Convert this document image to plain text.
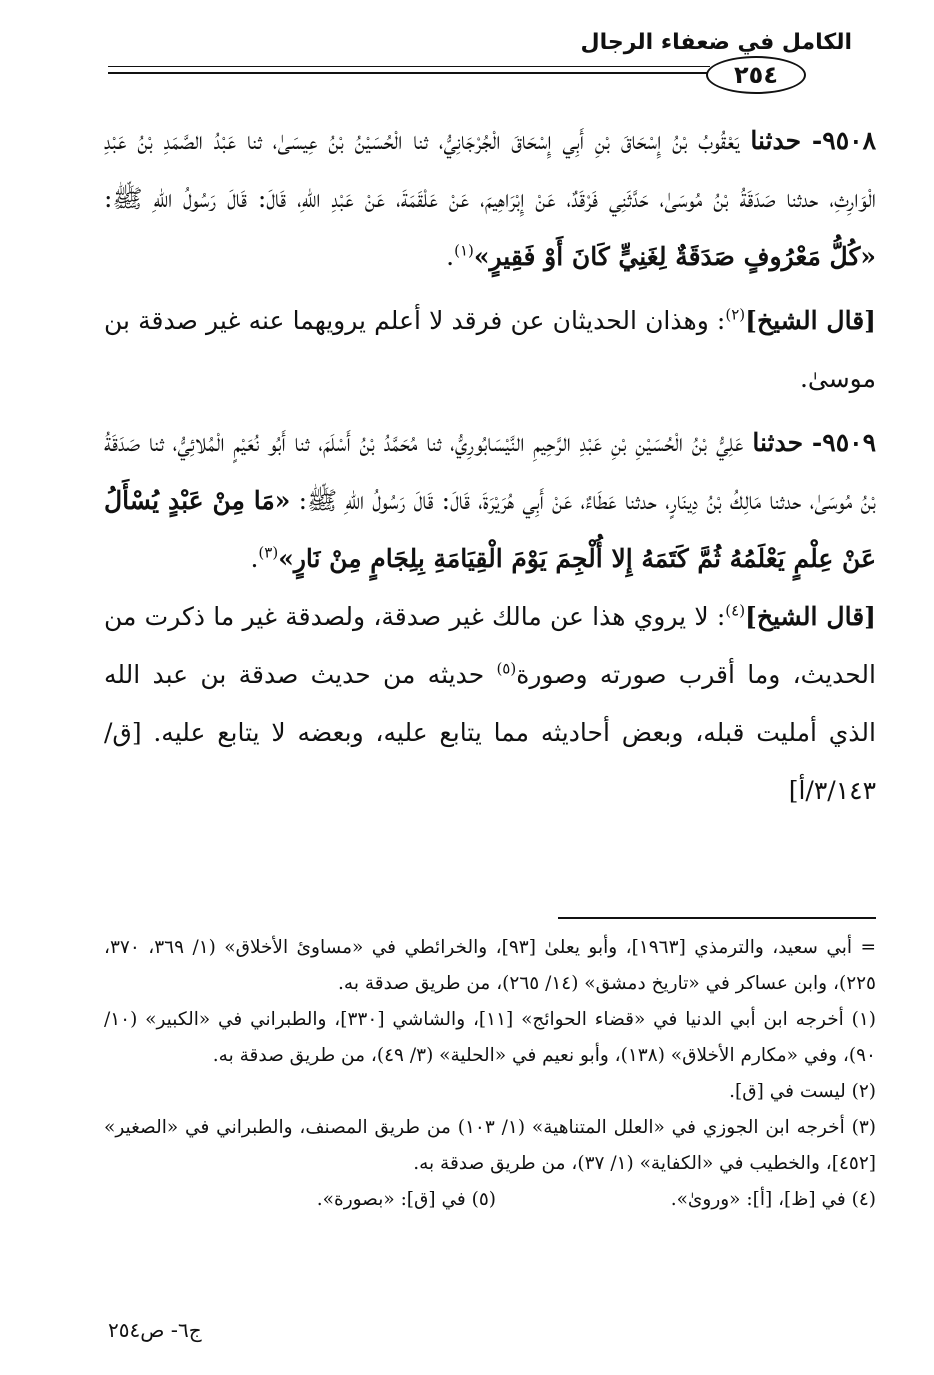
الكامل في ضعفاء الرجال
٢٥٤

٩٥٠٨- حدثنا يَعْقُوبُ بْنُ إِسْحَاقَ بْنِ أَبِي إِسْحَاقَ الْجُرْجَانِيُّ، ثنا الْحُسَيْنُ بْنُ عِيسَىٰ، ثنا عَبْدُ الصَّمَدِ بْنُ عَبْدِ الْوَارِثِ، حدثنا صَدَقَةُ بْنُ مُوسَىٰ، حَدَّثَنِي فَرْقَدٌ، عَنْ إِبْرَاهِيمَ، عَنْ عَلْقَمَةَ، عَنْ عَبْدِ اللهِ، قَالَ: قَالَ رَسُولُ اللهِ ﷺ: «كُلُّ مَعْرُوفٍ صَدَقَةٌ لِغَنِيٍّ كَانَ أَوْ فَقِيرٍ»$^{(١)}$.

[قال الشيخ]$^{(٢)}$: وهذان الحديثان عن فرقد لا أعلم يرويهما عنه غير صدقة بن موسىٰ.

٩٥٠٩- حدثنا عَلِيُّ بْنُ الْحُسَيْنِ بْنِ عَبْدِ الرَّحِيمِ النَّيْسَابُورِيُّ، ثنا مُحَمَّدُ بْنُ أَسْلَمَ، ثنا أَبُو نُعَيْمٍ الْمُلائِيُّ، ثنا صَدَقَةُ بْنُ مُوسَىٰ، حدثنا مَالِكُ بْنُ دِينَارٍ، حدثنا عَطَاءٌ، عَنْ أَبِي هُرَيْرَةَ، قَالَ: قَالَ رَسُولُ اللهِ ﷺ: «مَا مِنْ عَبْدٍ يُسْأَلُ عَنْ عِلْمٍ يَعْلَمُهُ ثُمَّ كَتَمَهُ إِلا أُلْجِمَ يَوْمَ الْقِيَامَةِ بِلِجَامٍ مِنْ نَارٍ»$^{(٣)}$.

[قال الشيخ]$^{(٤)}$: لا يروي هذا عن مالك غير صدقة، ولصدقة غير ما ذكرت من الحديث، وما أقرب صورته وصورة$^{(٥)}$ حديثه من حديث صدقة بن عبد الله الذي أمليت قبله، وبعض أحاديثه مما يتابع عليه، وبعضه لا يتابع عليه. [ق/٣/١٤٣/أ]

= أبي سعيد، والترمذي [١٩٦٣]، وأبو يعلىٰ [٩٣]، والخرائطي في «مساوئ الأخلاق» (١/ ٣٦٩، ٣٧٠، ٢٢٥)، وابن عساكر في «تاريخ دمشق» (١٤/ ٢٦٥)، من طريق صدقة به.

(١) أخرجه ابن أبي الدنيا في «قضاء الحوائج» [١١]، والشاشي [٣٣٠]، والطبراني في «الكبير» (١٠/ ٩٠)، وفي «مكارم الأخلاق» (١٣٨)، وأبو نعيم في «الحلية» (٣/ ٤٩)، من طريق صدقة به.

(٢) ليست في [ق].

(٣) أخرجه ابن الجوزي في «العلل المتناهية» (١/ ١٠٣) من طريق المصنف، والطبراني في «الصغير» [٤٥٢]، والخطيب في «الكفاية» (١/ ٣٧)، من طريق صدقة به.

(٤) في [ظ]، [أ]: «وروىٰ».
(٥) في [ق]: «بصورة».
ج٦- ص٢٥٤
